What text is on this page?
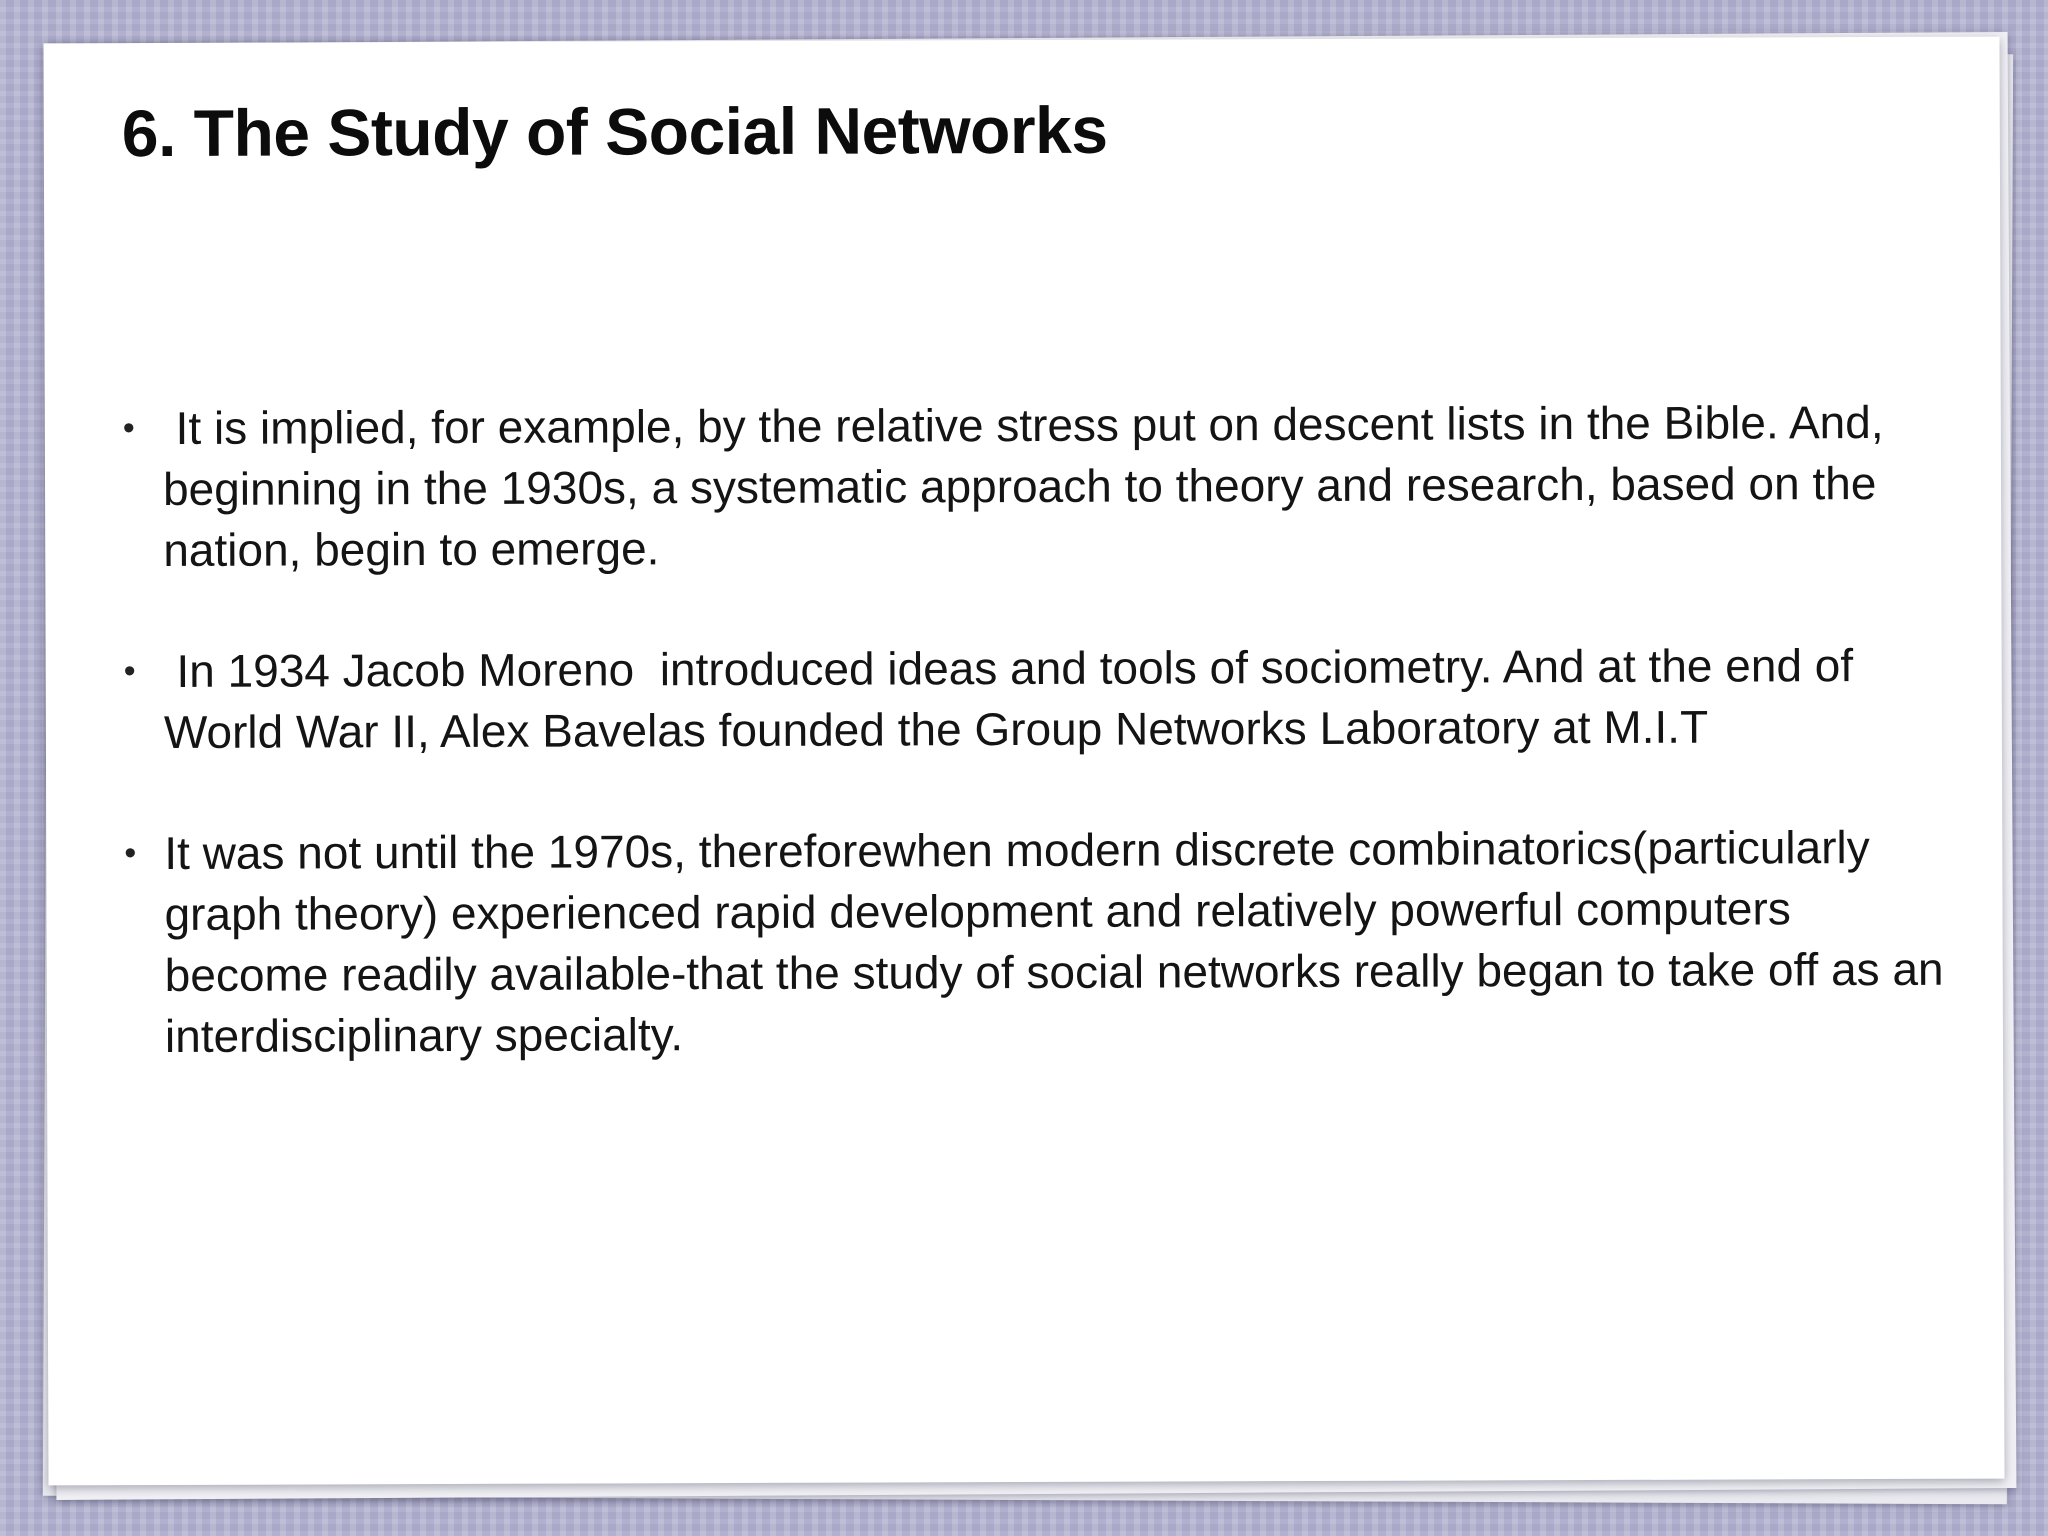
6. The Study of Social Networks
• It is implied, for example, by the relative stress put on descent lists in the Bible. And, beginning in the 1930s, a systematic approach to theory and research, based on the nation, begin to emerge.
• In 1934 Jacob Moreno  introduced ideas and tools of sociometry. And at the end of World War II, Alex Bavelas founded the Group Networks Laboratory at M.I.T
• It was not until the 1970s, thereforewhen modern discrete combinatorics(particularly graph theory) experienced rapid development and relatively powerful computers become readily available-that the study of social networks really began to take off as an interdisciplinary specialty.
